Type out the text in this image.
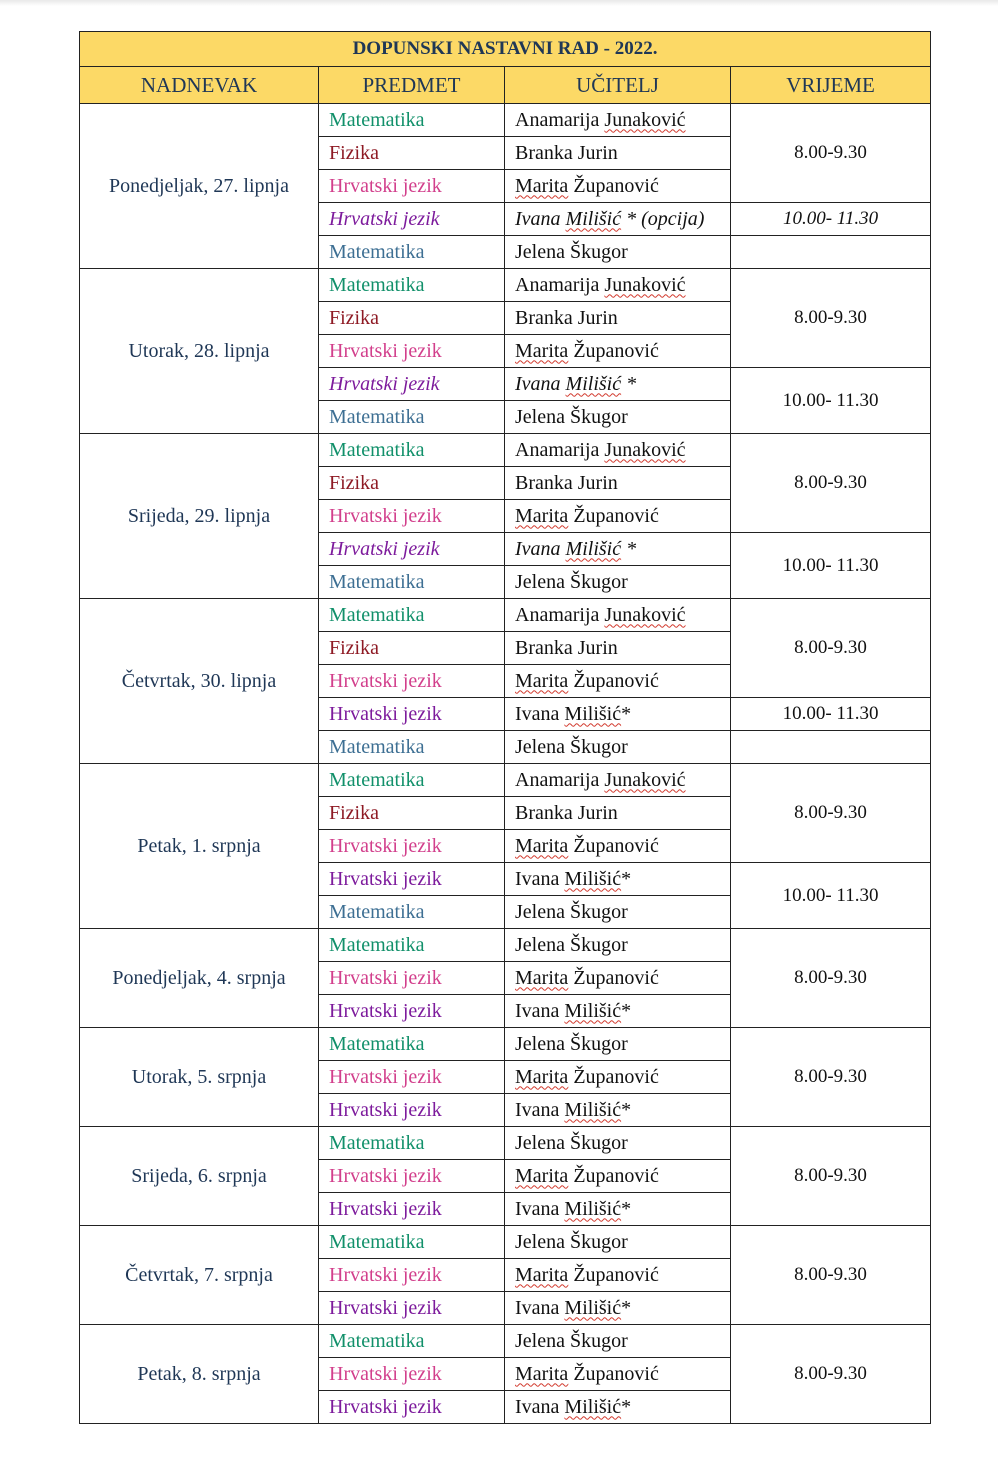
DOPUNSKI NASTAVNI RAD - 2022.			
NADNEVAK	PREDMET	UČITELJ	VRIJEME
Ponedjeljak, 27. lipnja	Matematika	Anamarija Junaković	8.00-9.30
	Fizika	Branka Jurin	
	Hrvatski jezik	Marita Županović	
	Hrvatski jezik	Ivana Milišić * (opcija)	10.00- 11.30
	Matematika	Jelena Škugor	
Utorak, 28. lipnja	Matematika	Anamarija Junaković	8.00-9.30
	Fizika	Branka Jurin	
	Hrvatski jezik	Marita Županović	
	Hrvatski jezik	Ivana Milišić *	10.00- 11.30
	Matematika	Jelena Škugor	
Srijeda, 29. lipnja	Matematika	Anamarija Junaković	8.00-9.30
	Fizika	Branka Jurin	
	Hrvatski jezik	Marita Županović	
	Hrvatski jezik	Ivana Milišić *	10.00- 11.30
	Matematika	Jelena Škugor	
Četvrtak, 30. lipnja	Matematika	Anamarija Junaković	8.00-9.30
	Fizika	Branka Jurin	
	Hrvatski jezik	Marita Županović	
	Hrvatski jezik	Ivana Milišić*	10.00- 11.30
	Matematika	Jelena Škugor	
Petak, 1. srpnja	Matematika	Anamarija Junaković	8.00-9.30
	Fizika	Branka Jurin	
	Hrvatski jezik	Marita Županović	
	Hrvatski jezik	Ivana Milišić*	10.00- 11.30
	Matematika	Jelena Škugor	
Ponedjeljak, 4. srpnja	Matematika	Jelena Škugor	8.00-9.30
	Hrvatski jezik	Marita Županović	
	Hrvatski jezik	Ivana Milišić*	
Utorak, 5. srpnja	Matematika	Jelena Škugor	8.00-9.30
	Hrvatski jezik	Marita Županović	
	Hrvatski jezik	Ivana Milišić*	
Srijeda, 6. srpnja	Matematika	Jelena Škugor	8.00-9.30
	Hrvatski jezik	Marita Županović	
	Hrvatski jezik	Ivana Milišić*	
Četvrtak, 7. srpnja	Matematika	Jelena Škugor	8.00-9.30
	Hrvatski jezik	Marita Županović	
	Hrvatski jezik	Ivana Milišić*	
Petak, 8. srpnja	Matematika	Jelena Škugor	8.00-9.30
	Hrvatski jezik	Marita Županović	
	Hrvatski jezik	Ivana Milišić*	
